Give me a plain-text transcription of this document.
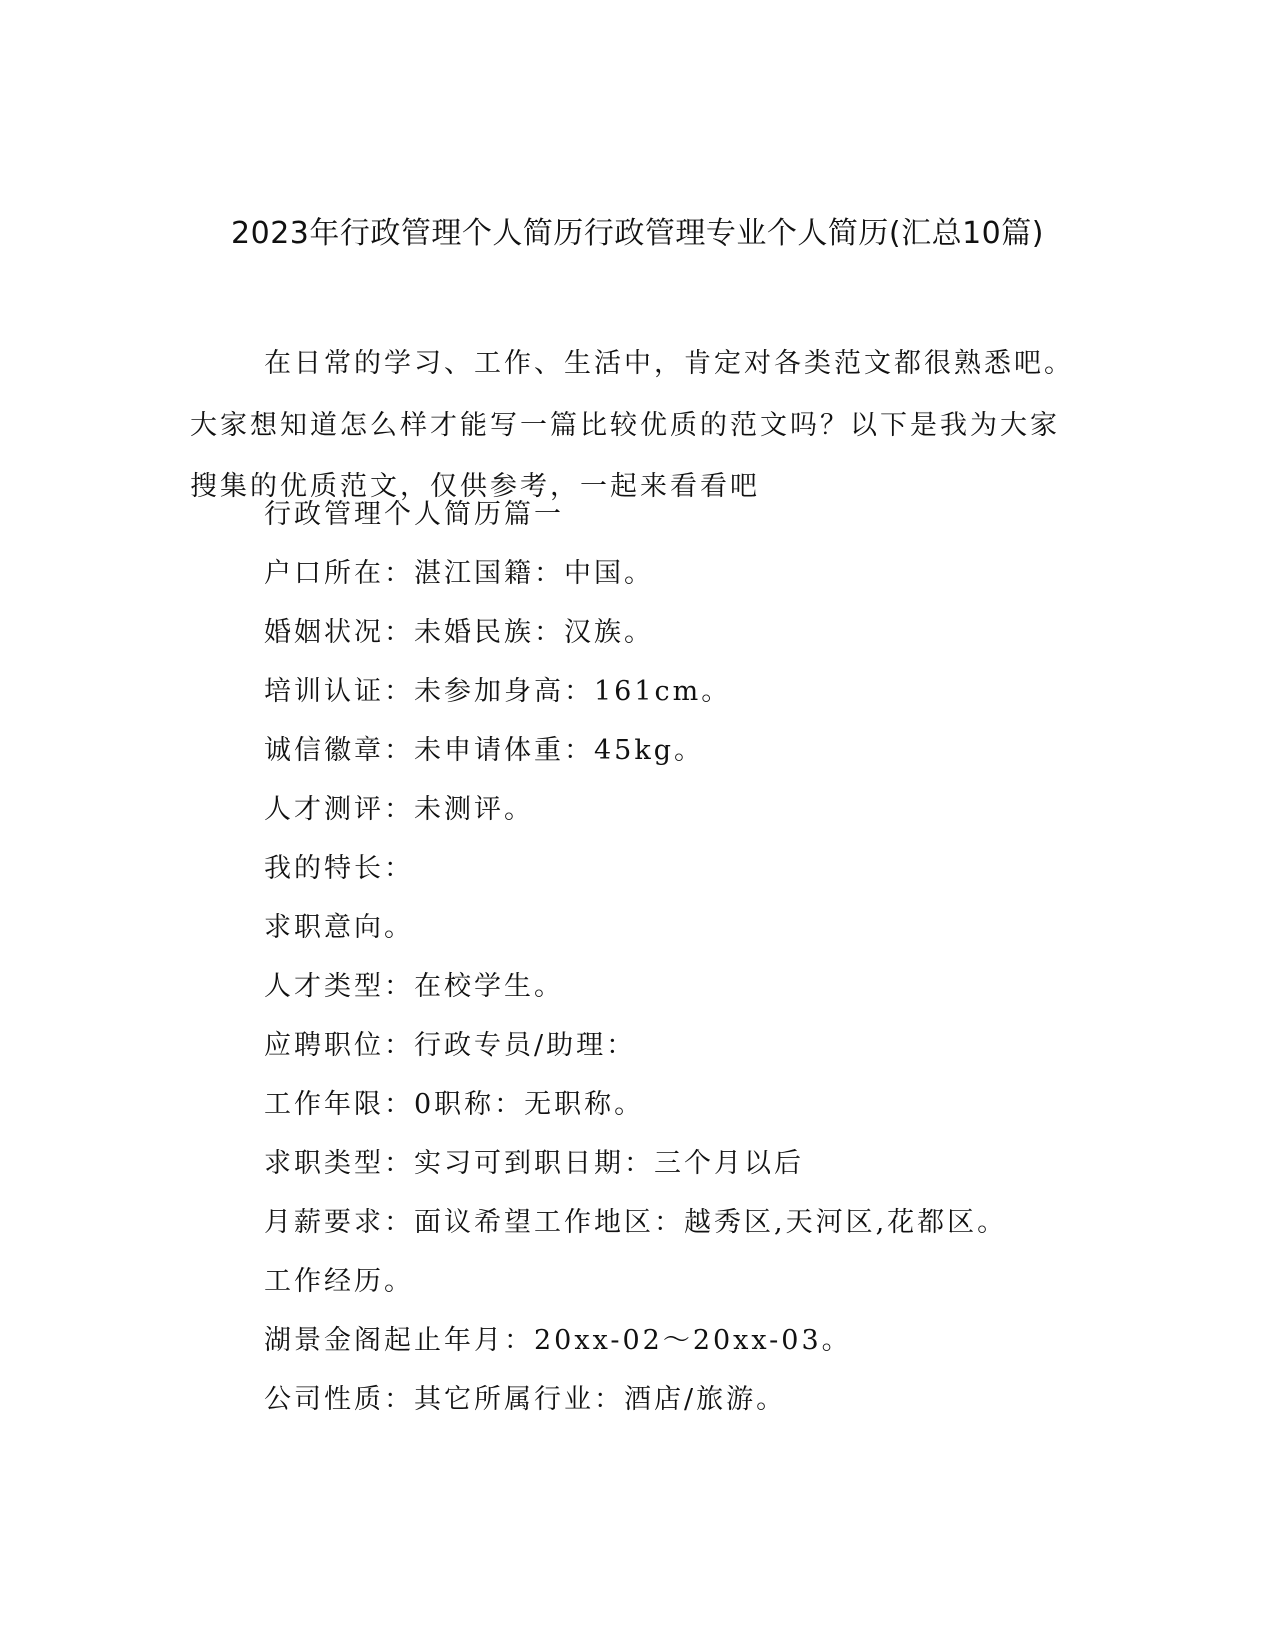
2023年行政管理个人简历行政管理专业个人简历(汇总10篇)

在日常的学习、工作、生活中，肯定对各类范文都很熟悉吧。大家想知道怎么样才能写一篇比较优质的范文吗？以下是我为大家搜集的优质范文，仅供参考，一起来看看吧

行政管理个人简历篇一

户口所在：湛江国籍：中国。

婚姻状况：未婚民族：汉族。

培训认证：未参加身高：161cm。

诚信徽章：未申请体重：45kg。

人才测评：未测评。

我的特长：

求职意向。

人才类型：在校学生。

应聘职位：行政专员/助理：

工作年限：0职称：无职称。

求职类型：实习可到职日期：三个月以后

月薪要求：面议希望工作地区：越秀区,天河区,花都区。

工作经历。

湖景金阁起止年月：20xx-02～20xx-03。

公司性质：其它所属行业：酒店/旅游。
